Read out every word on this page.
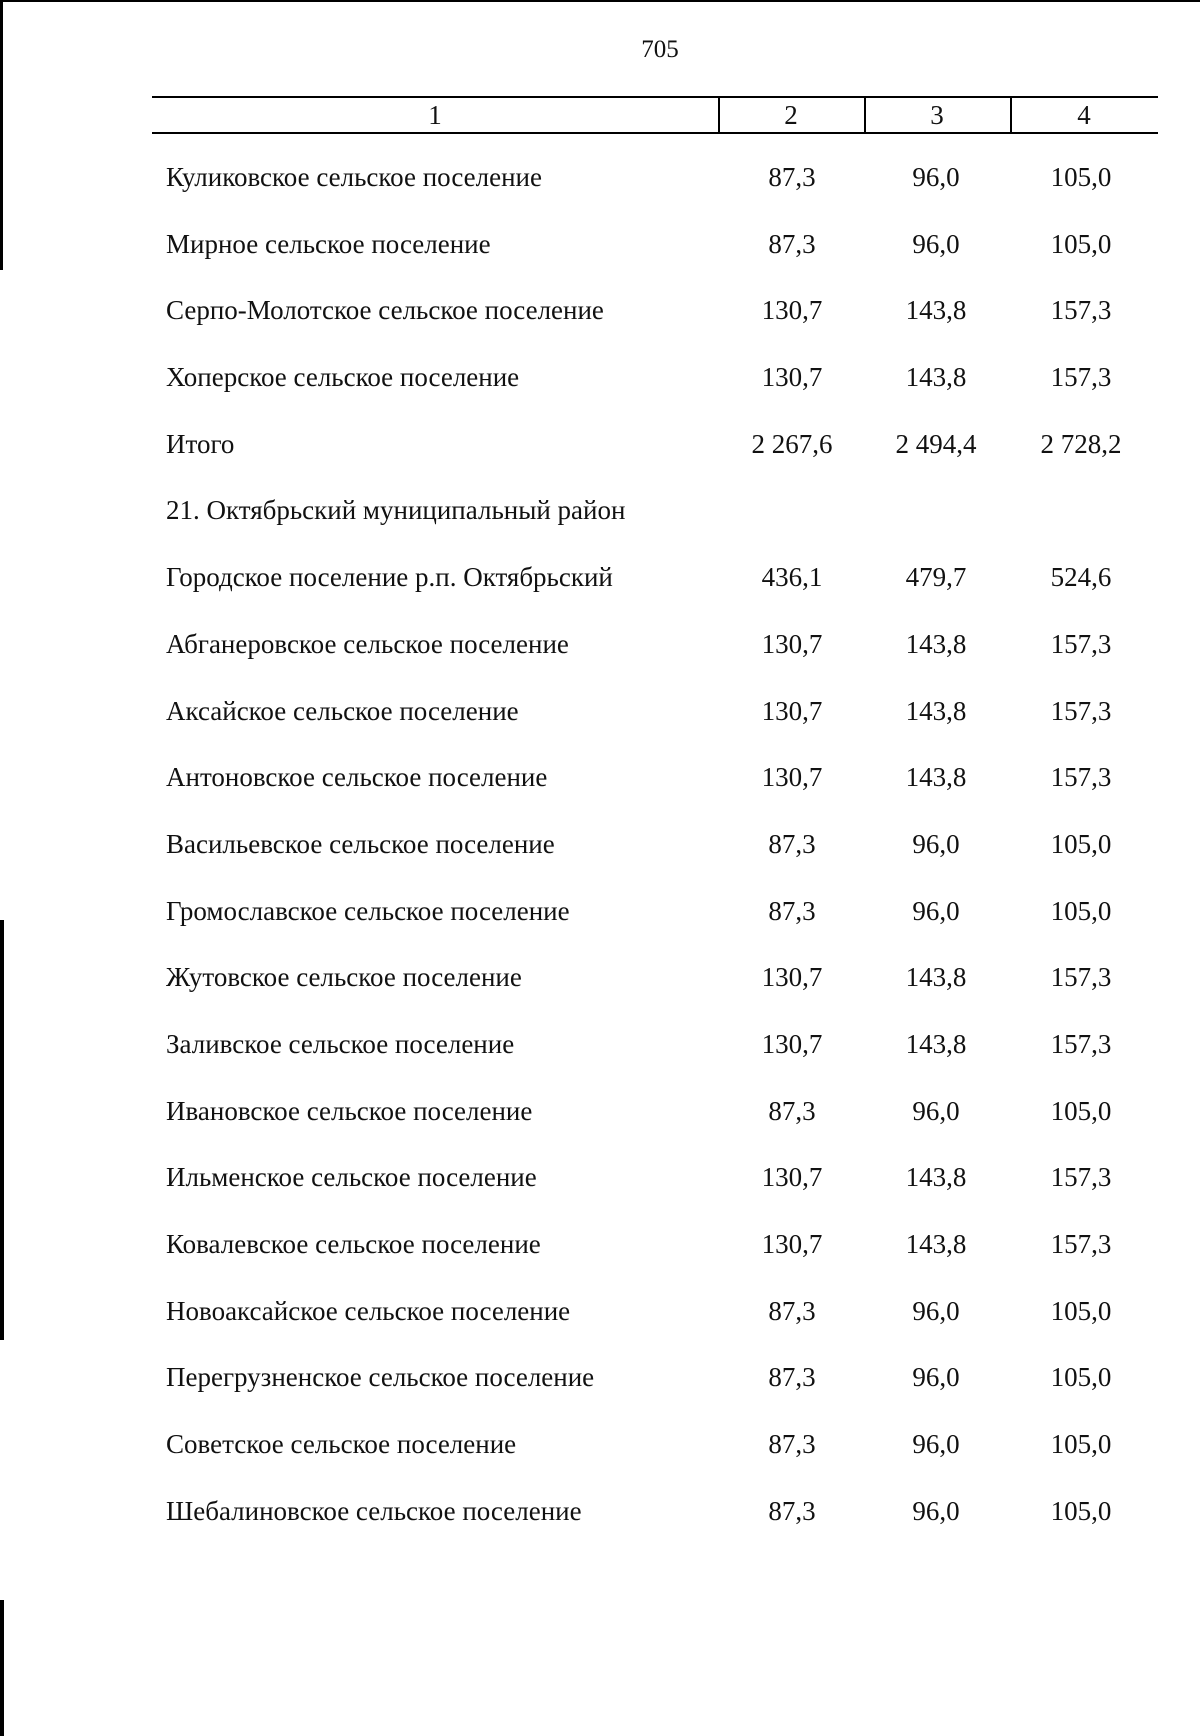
705
1	2	3	4
Куликовское сельское поселение	87,3	96,0	105,0
Мирное сельское поселение	87,3	96,0	105,0
Серпо-Молотское сельское поселение	130,7	143,8	157,3
Хоперское сельское поселение	130,7	143,8	157,3
Итого	2 267,6	2 494,4	2 728,2
21. Октябрьский муниципальный район
Городское поселение р.п. Октябрьский	436,1	479,7	524,6
Абганеровское сельское поселение	130,7	143,8	157,3
Аксайское сельское поселение	130,7	143,8	157,3
Антоновское сельское поселение	130,7	143,8	157,3
Васильевское сельское поселение	87,3	96,0	105,0
Громославское сельское поселение	87,3	96,0	105,0
Жутовское сельское поселение	130,7	143,8	157,3
Заливское сельское поселение	130,7	143,8	157,3
Ивановское сельское поселение	87,3	96,0	105,0
Ильменское сельское поселение	130,7	143,8	157,3
Ковалевское сельское поселение	130,7	143,8	157,3
Новоаксайское сельское поселение	87,3	96,0	105,0
Перегрузненское сельское поселение	87,3	96,0	105,0
Советское сельское поселение	87,3	96,0	105,0
Шебалиновское сельское поселение	87,3	96,0	105,0
